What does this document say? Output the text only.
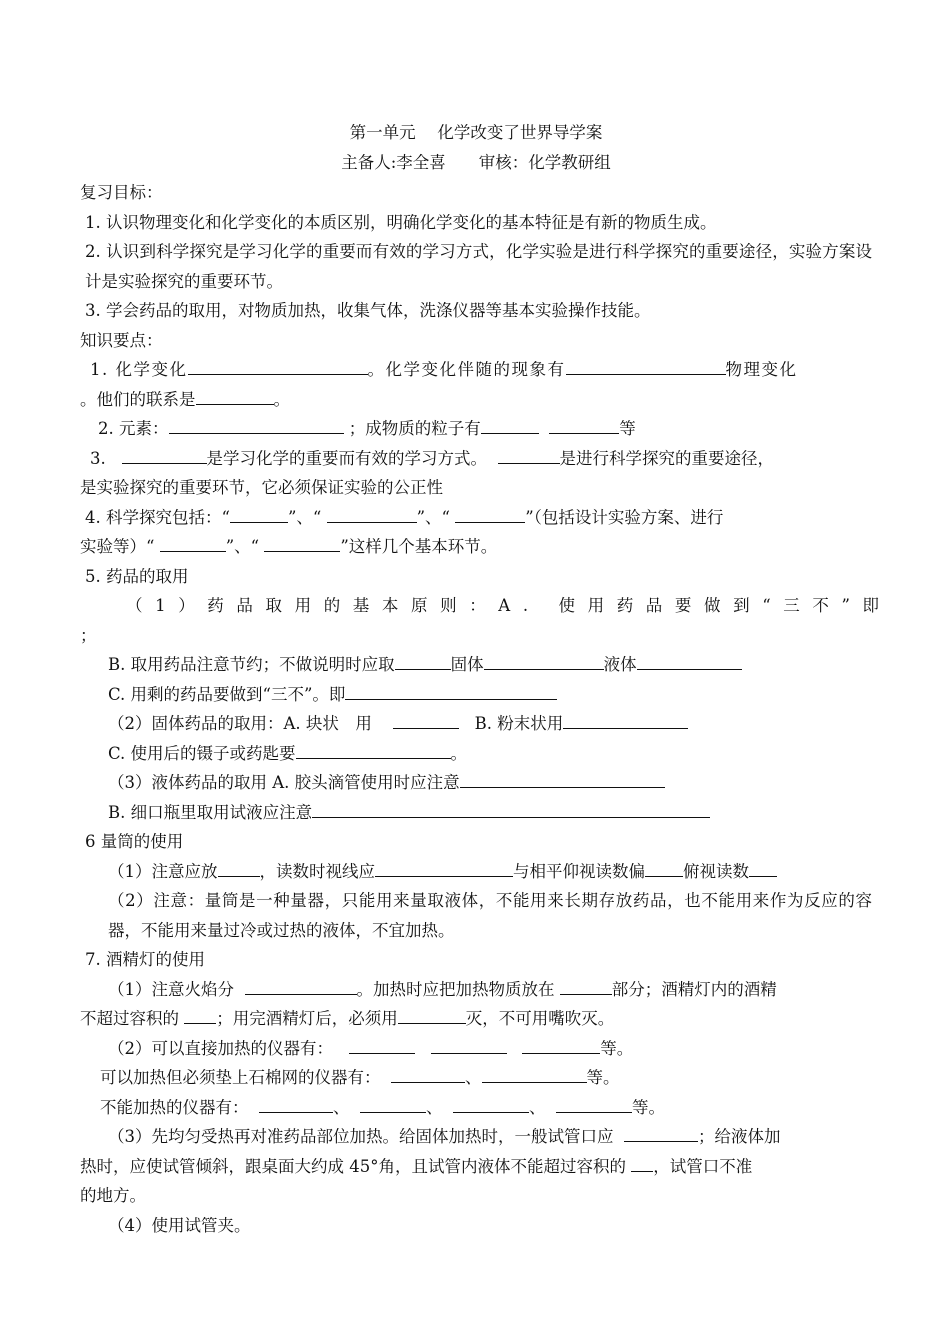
第一单元　 化学改变了世界导学案
主备人:李全喜　　审核：化学教研组
复习目标：
1. 认识物理变化和化学变化的本质区别，明确化学变化的基本特征是有新的物质生成。
2. 认识到科学探究是学习化学的重要而有效的学习方式，化学实验是进行科学探究的重要途径，实验方案设计是实验探究的重要环节。
3. 学会药品的取用，对物质加热，收集气体，洗涤仪器等基本实验操作技能。
知识要点：
1. 化学变化	。化学变化伴随的现象有	物理变化
。他们的联系是	。
2. 元素：	；成物质的粒子有	等
3.	是学习化学的重要而有效的学习方式。	是进行科学探究的重要途径，
是实验探究的重要环节，它必须保证实验的公正性
4. 科学探究包括：“	”、“	”、“	”（包括设计实验方案、进行
实验等）“	”、“	”这样几个基本环节。
5. 药品的取用
（1）药品取用的基本原则：A. 使用药品要做到“三不”即
；
B. 取用药品注意节约；不做说明时应取	固体	液体
C. 用剩的药品要做到“三不”。即
（2）固体药品的取用：A. 块状　用	B. 粉末状用
C. 使用后的镊子或药匙要	。
（3）液体药品的取用 A. 胶头滴管使用时应注意
B. 细口瓶里取用试液应注意
6 量筒的使用
（1）注意应放	，读数时视线应	与相平仰视读数偏 俯视读数
（2）注意：量筒是一种量器，只能用来量取液体，不能用来长期存放药品，也不能用来作为反应的容器，不能用来量过冷或过热的液体，不宜加热。
7. 酒精灯的使用
（1）注意火焰分	。加热时应把加热物质放在	部分；酒精灯内的酒精
不超过容积的 ；用完酒精灯后，必须用	灭，不可用嘴吹灭。
（2）可以直接加热的仪器有：	等。
可以加热但必须垫上石棉网的仪器有：	、	等。
不能加热的仪器有：	、	、	、	等。
（3）先均匀受热再对准药品部位加热。给固体加热时，一般试管口应	；给液体加
热时，应使试管倾斜，跟桌面大约成 45°角，且试管内液体不能超过容积的 ，试管口不准
的地方。
（4）使用试管夹。
